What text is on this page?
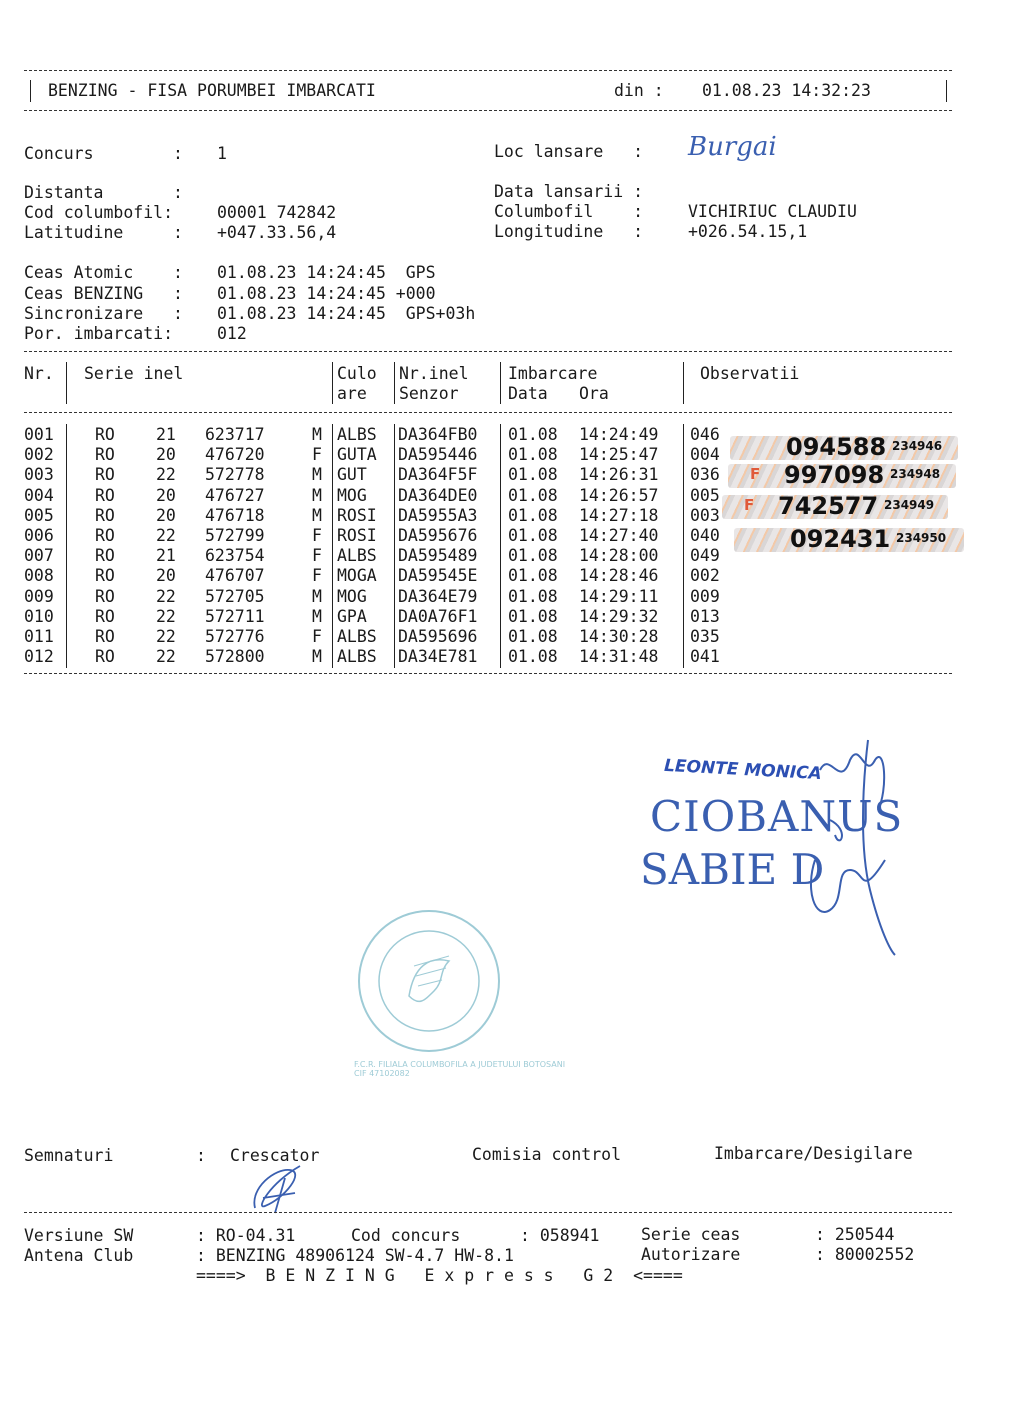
BENZING - FISA PORUMBEI IMBARCATI	din : 01.08.23 14:32:23
Concurs        : 1	Loc lansare   : Burgai
Distanta       :	Data lansarii :
Cod columbofil:	00001 742842	Columbofil    :	VICHIRIUC CLAUDIU
Latitudine     : +047.33.56,4	Longitudine   :	+026.54.15,1
Ceas Atomic    : 01.08.23 14:24:45  GPS
Ceas BENZING   : 01.08.23 14:24:45 +000
Sincronizare   : 01.08.23 14:24:45  GPS+03h
Por. imbarcati:	012
Nr. Serie inel	Culo
are
Nr.inel
Senzor
Imbarcare
Data Ora
Observatii
001 RO 21 623717	M ALBS DA364FB0 01.08 14:24:49 046
002 RO 20 476720	F GUTA DA595446 01.08 14:25:47 004
003 RO 22 572778	M GUT DA364F5F 01.08 14:26:31 036
004 RO 20 476727	M MOG DA364DE0 01.08 14:26:57 005
005 RO 20 476718	M ROSI DA5955A3 01.08 14:27:18 003
006 RO 22 572799	F ROSI DA595676 01.08 14:27:40 040
007 RO 21 623754	F ALBS DA595489 01.08 14:28:00 049
008 RO 20 476707	F MOGA DA59545E 01.08 14:28:46 002
009 RO 22 572705	M MOG DA364E79 01.08 14:29:11 009
010 RO 22 572711	M GPA DA0A76F1 01.08 14:29:32 013
011 RO 22 572776	F ALBS DA595696 01.08 14:30:28 035
012 RO 22 572800	M ALBS DA34E781 01.08 14:31:48 041
094588 234946
F 997098 234948
F 742577 234949
092431 234950
LEONTE MONICA
CIOBANUS
SABIE D
F.C.R. FILIALA COLUMBOFILA A JUDETULUI BOTOSANI CIF 47102082
Semnaturi	: Crescator	Comisia control	Imbarcare/Desigilare
Versiune SW	: RO-04.31	Cod concurs	: 058941	Serie ceas	: 250544
Antena Club	: BENZING 48906124 SW-4.7 HW-8.1	Autorizare	: 80002552
====>  B E N Z I N G   E x p r e s s   G 2  <====
